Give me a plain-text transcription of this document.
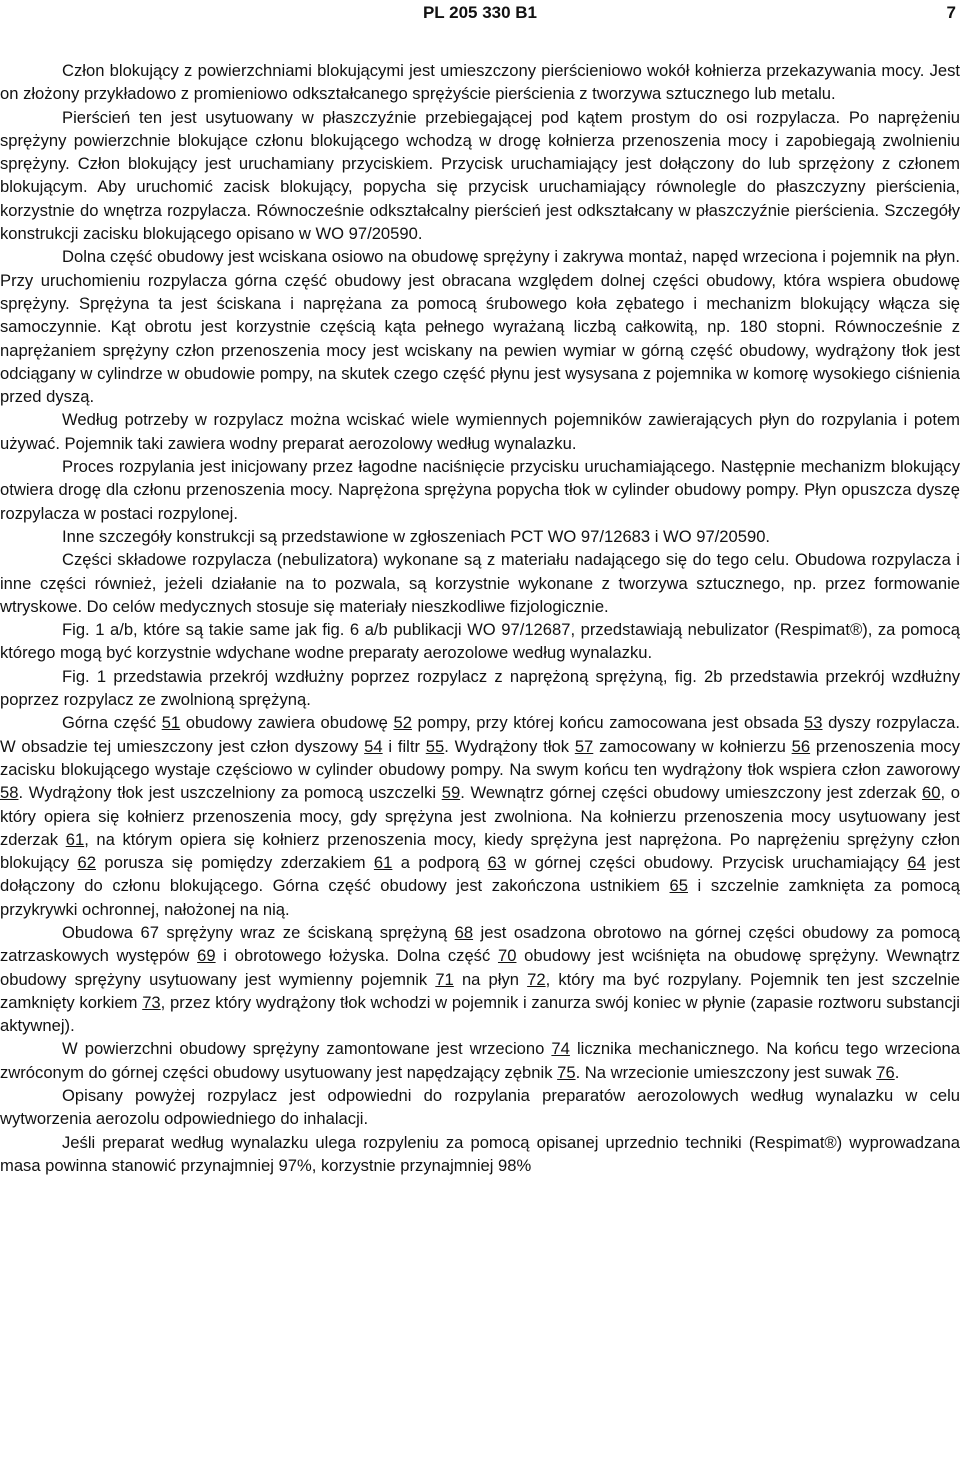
PL 205 330 B1	7

Człon blokujący z powierzchniami blokującymi jest umieszczony pierścieniowo wokół kołnierza przekazywania mocy. Jest on złożony przykładowo z promieniowo odkształcanego sprężyście pierścienia z tworzywa sztucznego lub metalu.

Pierścień ten jest usytuowany w płaszczyźnie przebiegającej pod kątem prostym do osi rozpylacza. Po naprężeniu sprężyny powierzchnie blokujące członu blokującego wchodzą w drogę kołnierza przenoszenia mocy i zapobiegają zwolnieniu sprężyny. Człon blokujący jest uruchamiany przyciskiem. Przycisk uruchamiający jest dołączony do lub sprzężony z członem blokującym. Aby uruchomić zacisk blokujący, popycha się przycisk uruchamiający równolegle do płaszczyzny pierścienia, korzystnie do wnętrza rozpylacza. Równocześnie odkształcalny pierścień jest odkształcany w płaszczyźnie pierścienia. Szczegóły konstrukcji zacisku blokującego opisano w WO 97/20590.

Dolna część obudowy jest wciskana osiowo na obudowę sprężyny i zakrywa montaż, napęd wrzeciona i pojemnik na płyn. Przy uruchomieniu rozpylacza górna część obudowy jest obracana względem dolnej części obudowy, która wspiera obudowę sprężyny. Sprężyna ta jest ściskana i naprężana za pomocą śrubowego koła zębatego i mechanizm blokujący włącza się samoczynnie. Kąt obrotu jest korzystnie częścią kąta pełnego wyrażaną liczbą całkowitą, np. 180 stopni. Równocześnie z naprężaniem sprężyny człon przenoszenia mocy jest wciskany na pewien wymiar w górną część obudowy, wydrążony tłok jest odciągany w cylindrze w obudowie pompy, na skutek czego część płynu jest wysysana z pojemnika w komorę wysokiego ciśnienia przed dyszą.

Według potrzeby w rozpylacz można wciskać wiele wymiennych pojemników zawierających płyn do rozpylania i potem używać. Pojemnik taki zawiera wodny preparat aerozolowy według wynalazku.

Proces rozpylania jest inicjowany przez łagodne naciśnięcie przycisku uruchamiającego. Następnie mechanizm blokujący otwiera drogę dla członu przenoszenia mocy. Naprężona sprężyna popycha tłok w cylinder obudowy pompy. Płyn opuszcza dyszę rozpylacza w postaci rozpylonej.

Inne szczegóły konstrukcji są przedstawione w zgłoszeniach PCT WO 97/12683 i WO 97/20590.

Części składowe rozpylacza (nebulizatora) wykonane są z materiału nadającego się do tego celu. Obudowa rozpylacza i inne części również, jeżeli działanie na to pozwala, są korzystnie wykonane z tworzywa sztucznego, np. przez formowanie wtryskowe. Do celów medycznych stosuje się materiały nieszkodliwe fizjologicznie.

Fig. 1 a/b, które są takie same jak fig. 6 a/b publikacji WO 97/12687, przedstawiają nebulizator (Respimat®), za pomocą którego mogą być korzystnie wdychane wodne preparaty aerozolowe według wynalazku.

Fig. 1 przedstawia przekrój wzdłużny poprzez rozpylacz z naprężoną sprężyną, fig. 2b przedstawia przekrój wzdłużny poprzez rozpylacz ze zwolnioną sprężyną.

Górna część 51 obudowy zawiera obudowę 52 pompy, przy której końcu zamocowana jest obsada 53 dyszy rozpylacza. W obsadzie tej umieszczony jest człon dyszowy 54 i filtr 55. Wydrążony tłok 57 zamocowany w kołnierzu 56 przenoszenia mocy zacisku blokującego wystaje częściowo w cylinder obudowy pompy. Na swym końcu ten wydrążony tłok wspiera człon zaworowy 58. Wydrążony tłok jest uszczelniony za pomocą uszczelki 59. Wewnątrz górnej części obudowy umieszczony jest zderzak 60, o który opiera się kołnierz przenoszenia mocy, gdy sprężyna jest zwolniona. Na kołnierzu przenoszenia mocy usytuowany jest zderzak 61, na którym opiera się kołnierz przenoszenia mocy, kiedy sprężyna jest naprężona. Po naprężeniu sprężyny człon blokujący 62 porusza się pomiędzy zderzakiem 61 a podporą 63 w górnej części obudowy. Przycisk uruchamiający 64 jest dołączony do członu blokującego. Górna część obudowy jest zakończona ustnikiem 65 i szczelnie zamknięta za pomocą przykrywki ochronnej, nałożonej na nią.

Obudowa 67 sprężyny wraz ze ściskaną sprężyną 68 jest osadzona obrotowo na górnej części obudowy za pomocą zatrzaskowych występów 69 i obrotowego łożyska. Dolna część 70 obudowy jest wciśnięta na obudowę sprężyny. Wewnątrz obudowy sprężyny usytuowany jest wymienny pojemnik 71 na płyn 72, który ma być rozpylany. Pojemnik ten jest szczelnie zamknięty korkiem 73, przez który wydrążony tłok wchodzi w pojemnik i zanurza swój koniec w płynie (zapasie roztworu substancji aktywnej).

W powierzchni obudowy sprężyny zamontowane jest wrzeciono 74 licznika mechanicznego. Na końcu tego wrzeciona zwróconym do górnej części obudowy usytuowany jest napędzający zębnik 75. Na wrzecionie umieszczony jest suwak 76.

Opisany powyżej rozpylacz jest odpowiedni do rozpylania preparatów aerozolowych według wynalazku w celu wytworzenia aerozolu odpowiedniego do inhalacji.

Jeśli preparat według wynalazku ulega rozpyleniu za pomocą opisanej uprzednio techniki (Respimat®) wyprowadzana masa powinna stanowić przynajmniej 97%, korzystnie przynajmniej 98%
